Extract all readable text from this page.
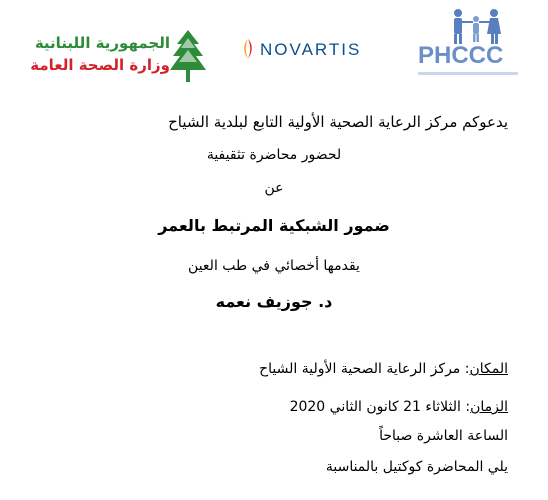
الجمهورية اللبنانية
وزارة الصحة العامة
NOVARTIS PHCCC
يدعوكم مركز الرعاية الصحية الأولية التابع لبلدية الشياح
لحضور محاضرة تثقيفية
عن
ضمور الشبكية المرتبط بالعمر
يقدمها أخصائي في طب العين
د. جوزيف نعمه
المكان: مركز الرعاية الصحية الأولية الشياح
الزمان: الثلاثاء 21 كانون الثاني 2020
الساعة العاشرة صباحاً
يلي المحاضرة كوكتيل بالمناسبة
